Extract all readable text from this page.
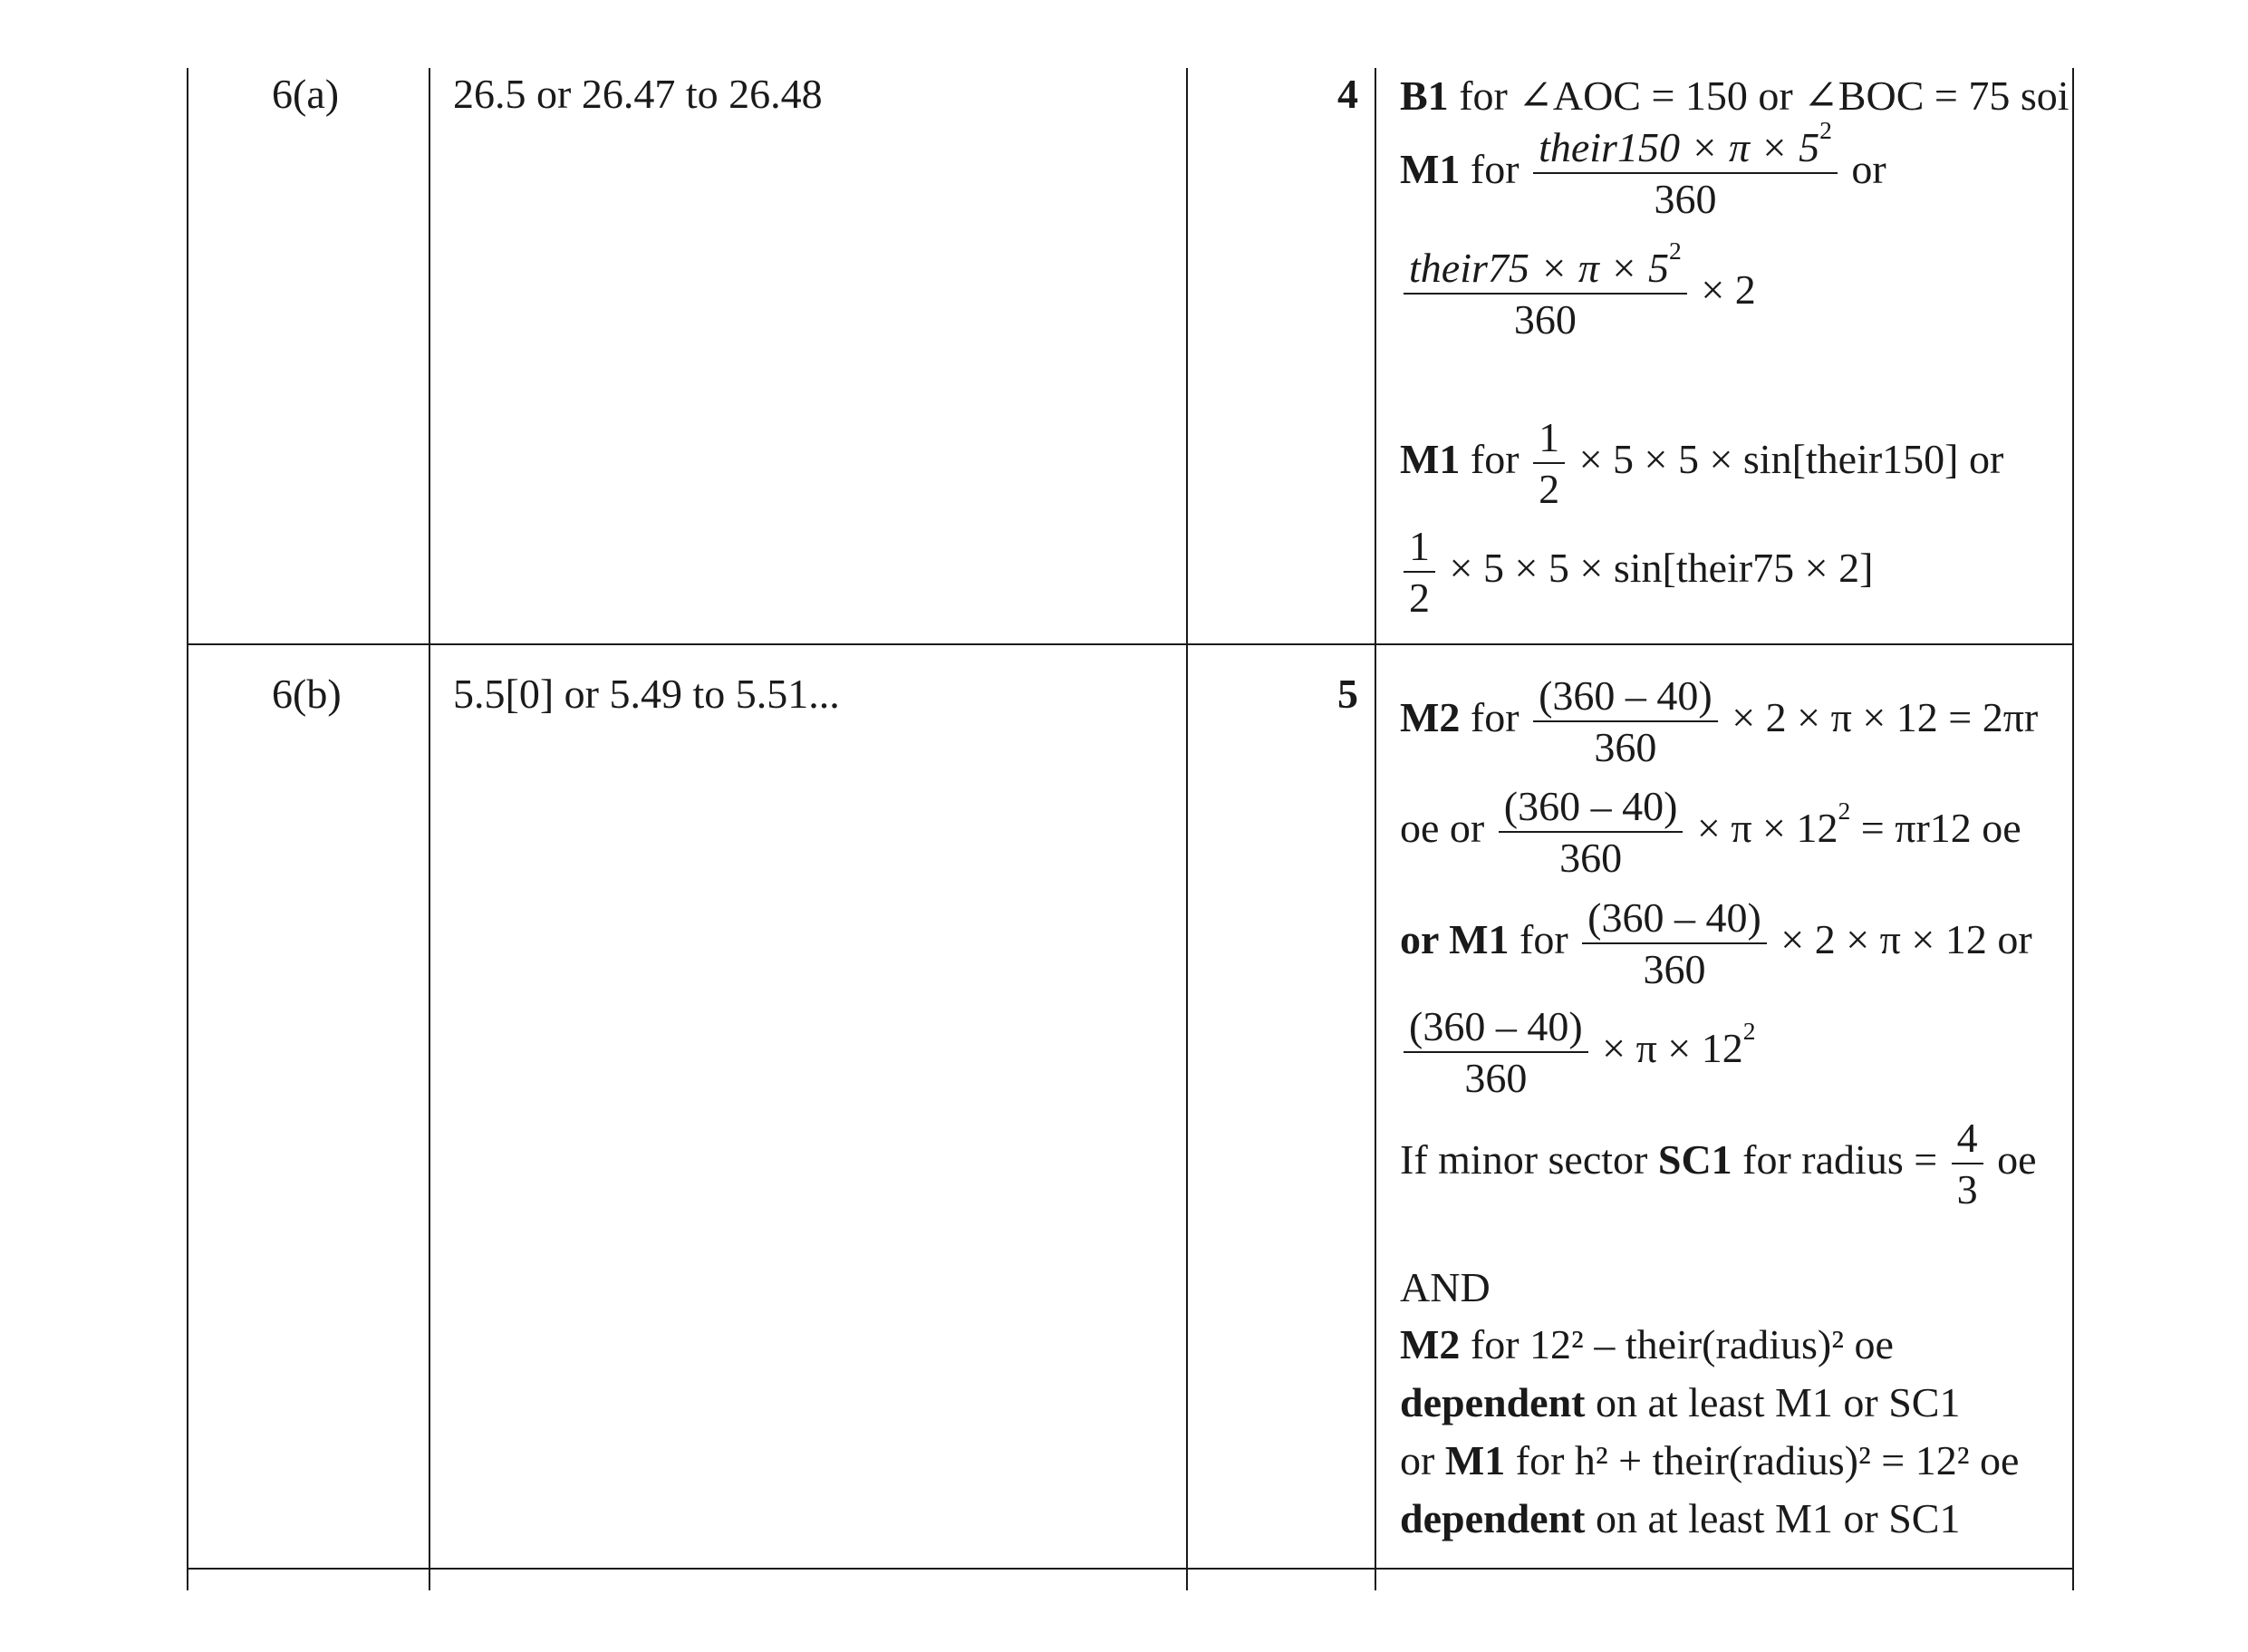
6(a)	26.5 or 26.47 to 26.48	4 B1 for ∠AOC = 150 or ∠BOC = 75 soi
M1 for $\frac{their150 \times \pi \times 5^2}{360}$ or
$\frac{their75 \times \pi \times 5^2}{360} \times 2$
M1 for $\frac{1}{2} \times 5 \times 5$ × sin[their150] or
$\frac{1}{2} \times 5 \times 5$ × sin[their75 × 2]
6(b)	5.5[0] or 5.49 to 5.51...	5
M2 for $\frac{(360 - 40)}{360} \times 2 \times \pi \times 12 = 2\pi r$
oe or $\frac{(360 - 40)}{360} \times \pi \times 12^2 = \pi r12$ oe
or M1 for $\frac{(360 - 40)}{360} \times 2 \times \pi \times 12$ or
$\frac{(360 - 40)}{360} \times \pi \times 12^2$
If minor sector SC1 for radius = $\frac{4}{3}$ oe
AND
M2 for 12² – their(radius)² oe
dependent on at least M1 or SC1
or M1 for h² + their(radius)² = 12² oe
dependent on at least M1 or SC1
